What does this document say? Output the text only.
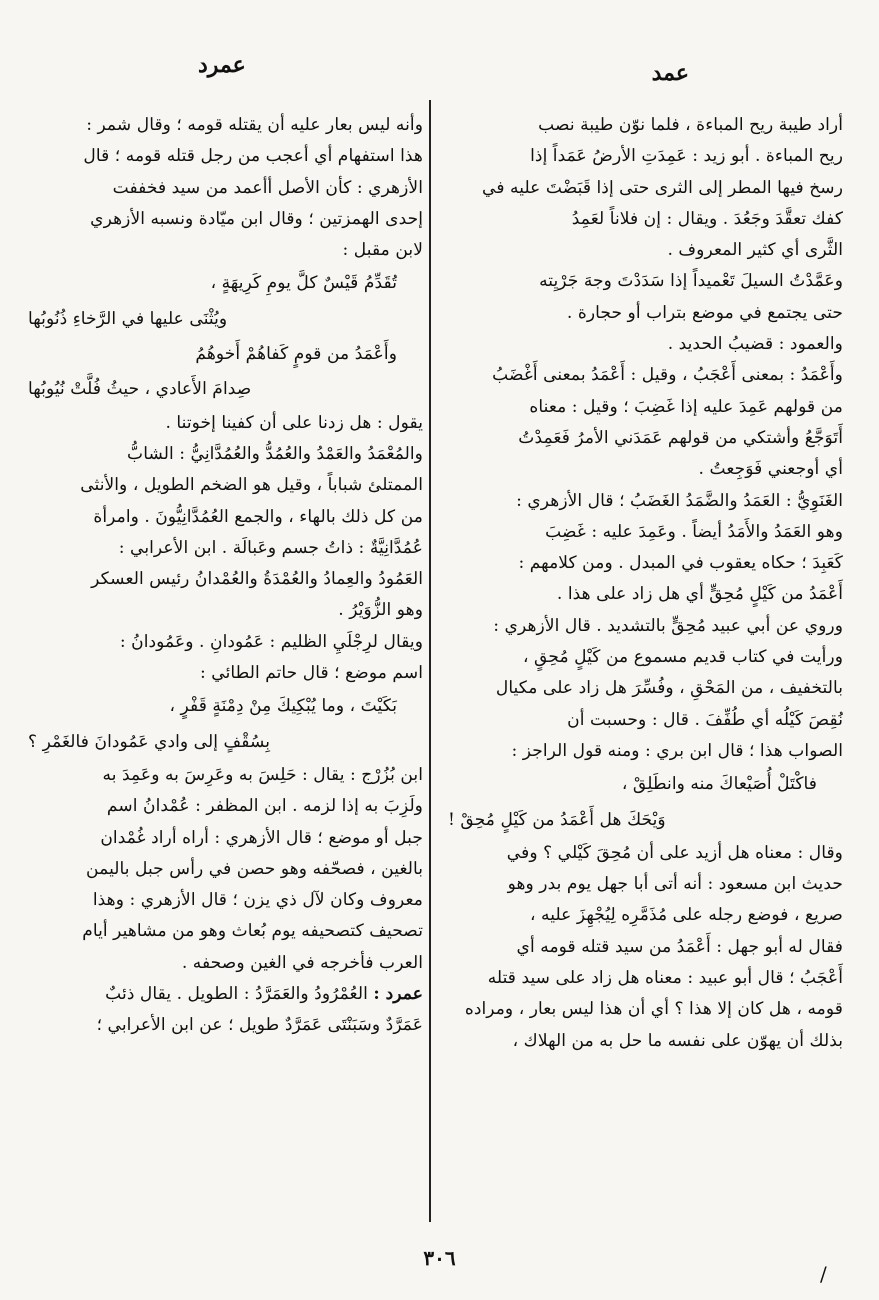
عمد
عمرد
أراد طيبة ريح المباءة ، فلما نوّن طيبة نصب
ريح المباءة . أبو زيد : عَمِدَتِ الأرضُ عَمَداً إذا
رسخ فيها المطر إلى الثرى حتى إذا قَبَضْتَ عليه في
كفك تعقَّدَ وجَعُدَ . ويقال : إن فلاناً لعَمِدُ
الثَّرى أي كثير المعروف .
وعَمَّدْتُ السيلَ تَعْميداً إذا سَدَدْتَ وجهَ جَرْيِته
حتى يجتمع في موضع بتراب أو حجارة .
والعمود : قضيبُ الحديد .
وأَعْمَدُ : بمعنى أَعْجَبُ ، وقيل : أَعْمَدُ بمعنى أَغْضَبُ
من قولهم عَمِدَ عليه إذا غَضِبَ ؛ وقيل : معناه
أَتَوَجَّعُ وأشتكي من قولهم عَمَدَني الأمرُ فَعَمِدْتُ
أي أوجعني فَوَجِعتُ .
الغَنَوِيُّ : العَمَدُ والضَّمَدُ الغَضَبُ ؛ قال الأزهري :
وهو العَمَدُ والأَمَدُ أيضاً . وعَمِدَ عليه : غَضِبَ
كَعَبِدَ ؛ حكاه يعقوب في المبدل . ومن كلامهم :
أَعْمَدُ من كَيْلٍ مُحِقٍّ أي هل زاد على هذا .
وروي عن أبي عبيد مُحِقٍّ بالتشديد . قال الأزهري :
ورأيت في كتاب قديم مسموع من كَيْلٍ مُحِقٍ ،
بالتخفيف ، من المَحْقِ ، وفُسِّرَ هل زاد على مكيال
نُقِصَ كَيْلُه أي طُفِّفَ . قال : وحسبت أن
الصواب هذا ؛ قال ابن بري : ومنه قول الراجز :
فاكْتَلْ أُصَيْعاكَ منه وانطَلِقْ ،
وَيْحَكَ هل أَعْمَدُ من كَيْلٍ مُحِقْ !
وقال : معناه هل أزيد على أن مُحِقَ كَيْلي ؟ وفي
حديث ابن مسعود : أنه أتى أبا جهل يوم بدر وهو
صريع ، فوضع رجله على مُذَمَّرِه لِيُجْهِزَ عليه ،
فقال له أبو جهل : أَعْمَدُ من سيد قتله قومه أي
أَعْجَبُ ؛ قال أبو عبيد : معناه هل زاد على سيد قتله
قومه ، هل كان إلا هذا ؟ أي أن هذا ليس بعار ، ومراده
بذلك أن يهوّن على نفسه ما حل به من الهلاك ،
وأنه ليس بعار عليه أن يقتله قومه ؛ وقال شمر :
هذا استفهام أي أعجب من رجل قتله قومه ؛ قال
الأزهري : كأن الأصل أأعمد من سيد فخففت
إحدى الهمزتين ؛ وقال ابن ميّادة ونسبه الأزهري
لابن مقبل :
تُقَدِّمُ قَيْسٌ كلَّ يومِ كَرِيهَةٍ ،
ويُثْنَى عليها في الرَّخاءِ ذُنُوبُها
وأَعْمَدُ من قومٍ كَفاهُمْ أَخوهُمُ
صِدامَ الأَعادي ، حيثُ فُلَّتْ نُيُوبُها
يقول : هل زدنا على أن كفينا إخوتنا .
والمُعْمَدُ والعَمْدُ والعُمُدُّ والعُمُدَّانِيُّ : الشابُّ
الممتلئ شباباً ، وقيل هو الضخم الطويل ، والأنثى
من كل ذلك بالهاء ، والجمع العُمُدَّانِيُّونَ . وامرأة
عُمُدَّانِيَّةٌ : ذاتُ جسم وعَبالَة . ابن الأعرابي :
العَمُودُ والعِمادُ والعُمْدَةُ والعُمْدانُ رئيس العسكر
وهو الزُّوَيْرُ .
ويقال لرِجْلَيِ الظليم : عَمُودانِ . وعَمُودانُ :
اسم موضع ؛ قال حاتم الطائي :
بَكَيْتَ ، وما يُبْكِيكَ مِنْ دِمْنَةٍ قَفْرٍ ،
بِسُقْفٍ إلى وادي عَمُودانَ فالغَمْرِ ؟
ابن بُزُرْج : يقال : حَلِسَ به وعَرِسَ به وعَمِدَ به
ولَزِبَ به إذا لزمه . ابن المظفر : عُمْدانُ اسم
جبل أو موضع ؛ قال الأزهري : أراه أراد غُمْدان
بالغين ، فصحّفه وهو حصن في رأس جبل باليمن
معروف وكان لآل ذي يزن ؛ قال الأزهري : وهذا
تصحيف كتصحيفه يوم بُعاث وهو من مشاهير أيام
العرب فأخرجه في الغين وصحفه .
عمرد : العُمْرُودُ والعَمَرَّدُ : الطويل . يقال ذئبٌ
عَمَرَّدٌ وسَبَنْتَى عَمَرَّدٌ طويل ؛ عن ابن الأعرابي ؛
٣٠٦
/
